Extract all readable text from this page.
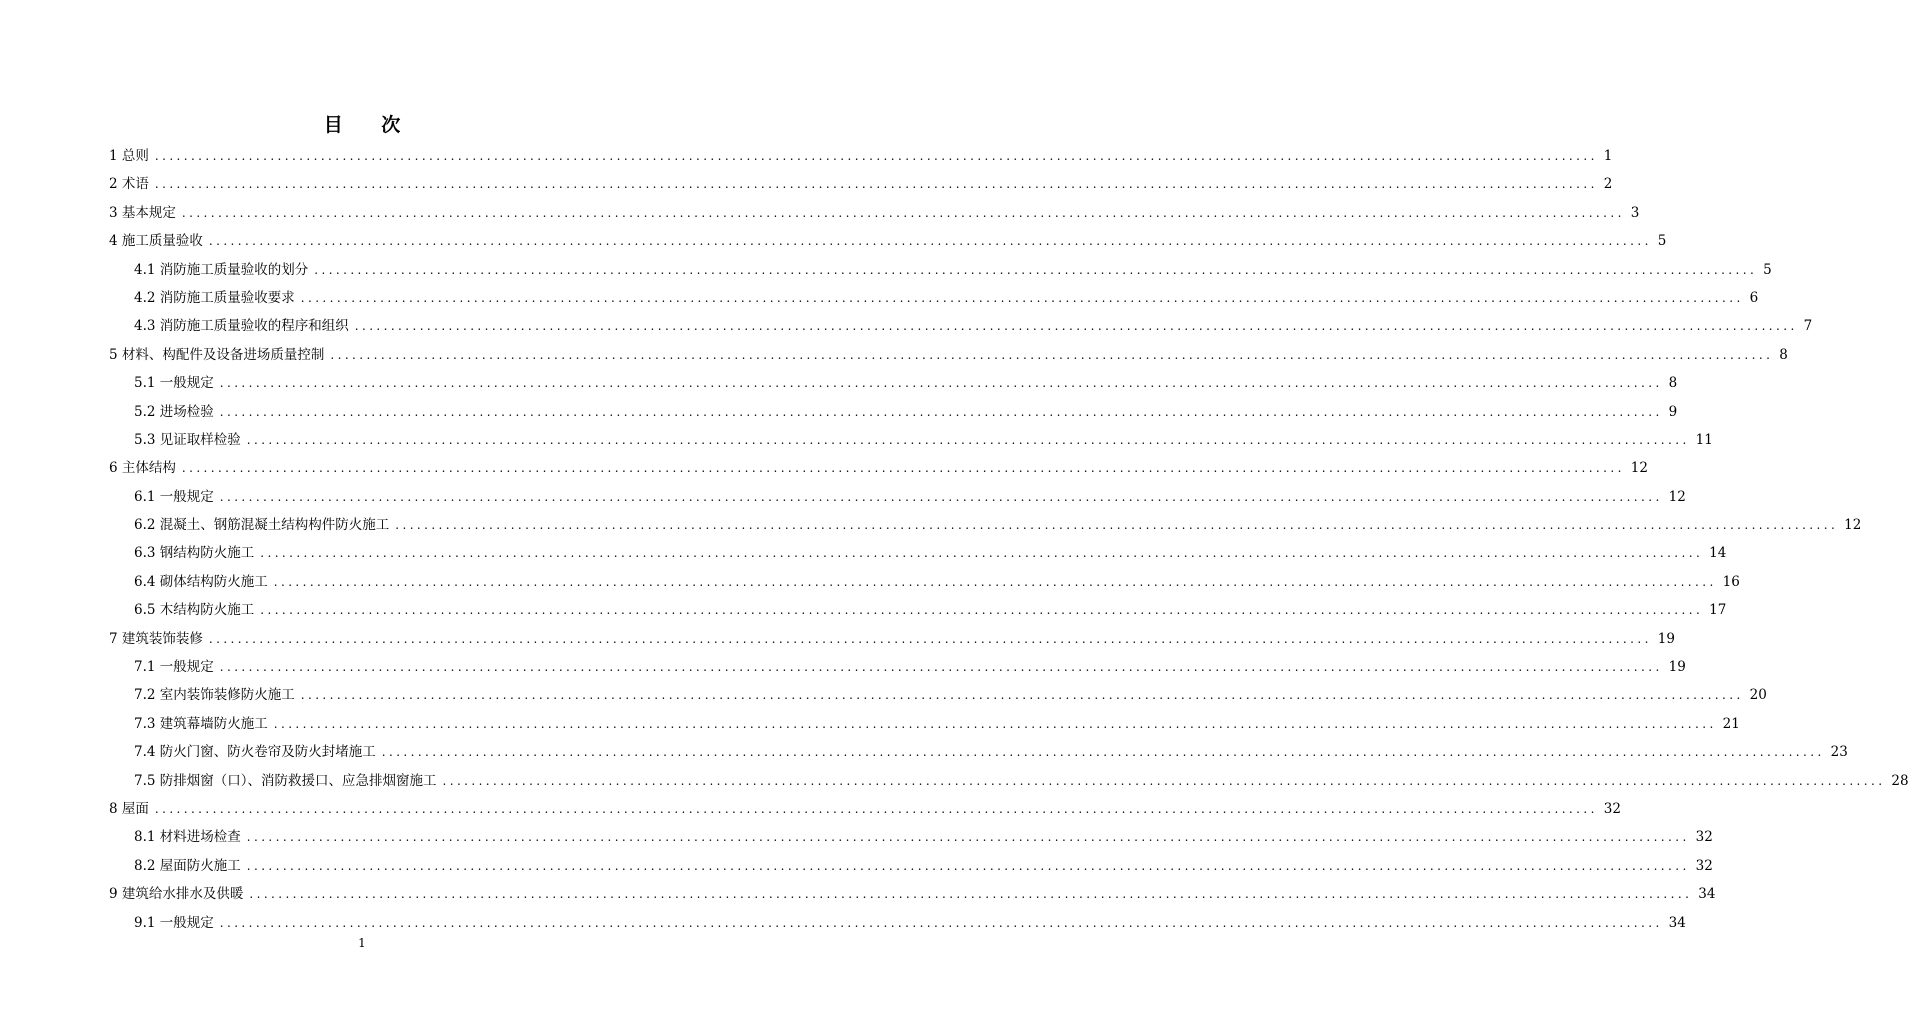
目 次
1 总则 ........................................................................................................................................................................................................ 1
2 术语 ........................................................................................................................................................................................................ 2
3 基本规定 ........................................................................................................................................................................................................ 3
4 施工质量验收 ........................................................................................................................................................................................................ 5
4.1 消防施工质量验收的划分 ........................................................................................................................................................................................................ 5
4.2 消防施工质量验收要求 ........................................................................................................................................................................................................ 6
4.3 消防施工质量验收的程序和组织 ........................................................................................................................................................................................................ 7
5 材料、构配件及设备进场质量控制 ........................................................................................................................................................................................................ 8
5.1 一般规定 ........................................................................................................................................................................................................ 8
5.2 进场检验 ........................................................................................................................................................................................................ 9
5.3 见证取样检验 ........................................................................................................................................................................................................ 11
6 主体结构 ........................................................................................................................................................................................................ 12
6.1 一般规定 ........................................................................................................................................................................................................ 12
6.2 混凝土、钢筋混凝土结构构件防火施工 ........................................................................................................................................................................................................ 12
6.3 钢结构防火施工 ........................................................................................................................................................................................................ 14
6.4 砌体结构防火施工 ........................................................................................................................................................................................................ 16
6.5 木结构防火施工 ........................................................................................................................................................................................................ 17
7 建筑装饰装修 ........................................................................................................................................................................................................ 19
7.1 一般规定 ........................................................................................................................................................................................................ 19
7.2 室内装饰装修防火施工 ........................................................................................................................................................................................................ 20
7.3 建筑幕墙防火施工 ........................................................................................................................................................................................................ 21
7.4 防火门窗、防火卷帘及防火封堵施工 ........................................................................................................................................................................................................ 23
7.5 防排烟窗（口）、消防救援口、应急排烟窗施工 ........................................................................................................................................................................................................ 28
8 屋面 ........................................................................................................................................................................................................ 32
8.1 材料进场检查 ........................................................................................................................................................................................................ 32
8.2 屋面防火施工 ........................................................................................................................................................................................................ 32
9 建筑给水排水及供暖 ........................................................................................................................................................................................................ 34
9.1 一般规定 ........................................................................................................................................................................................................ 34
1
